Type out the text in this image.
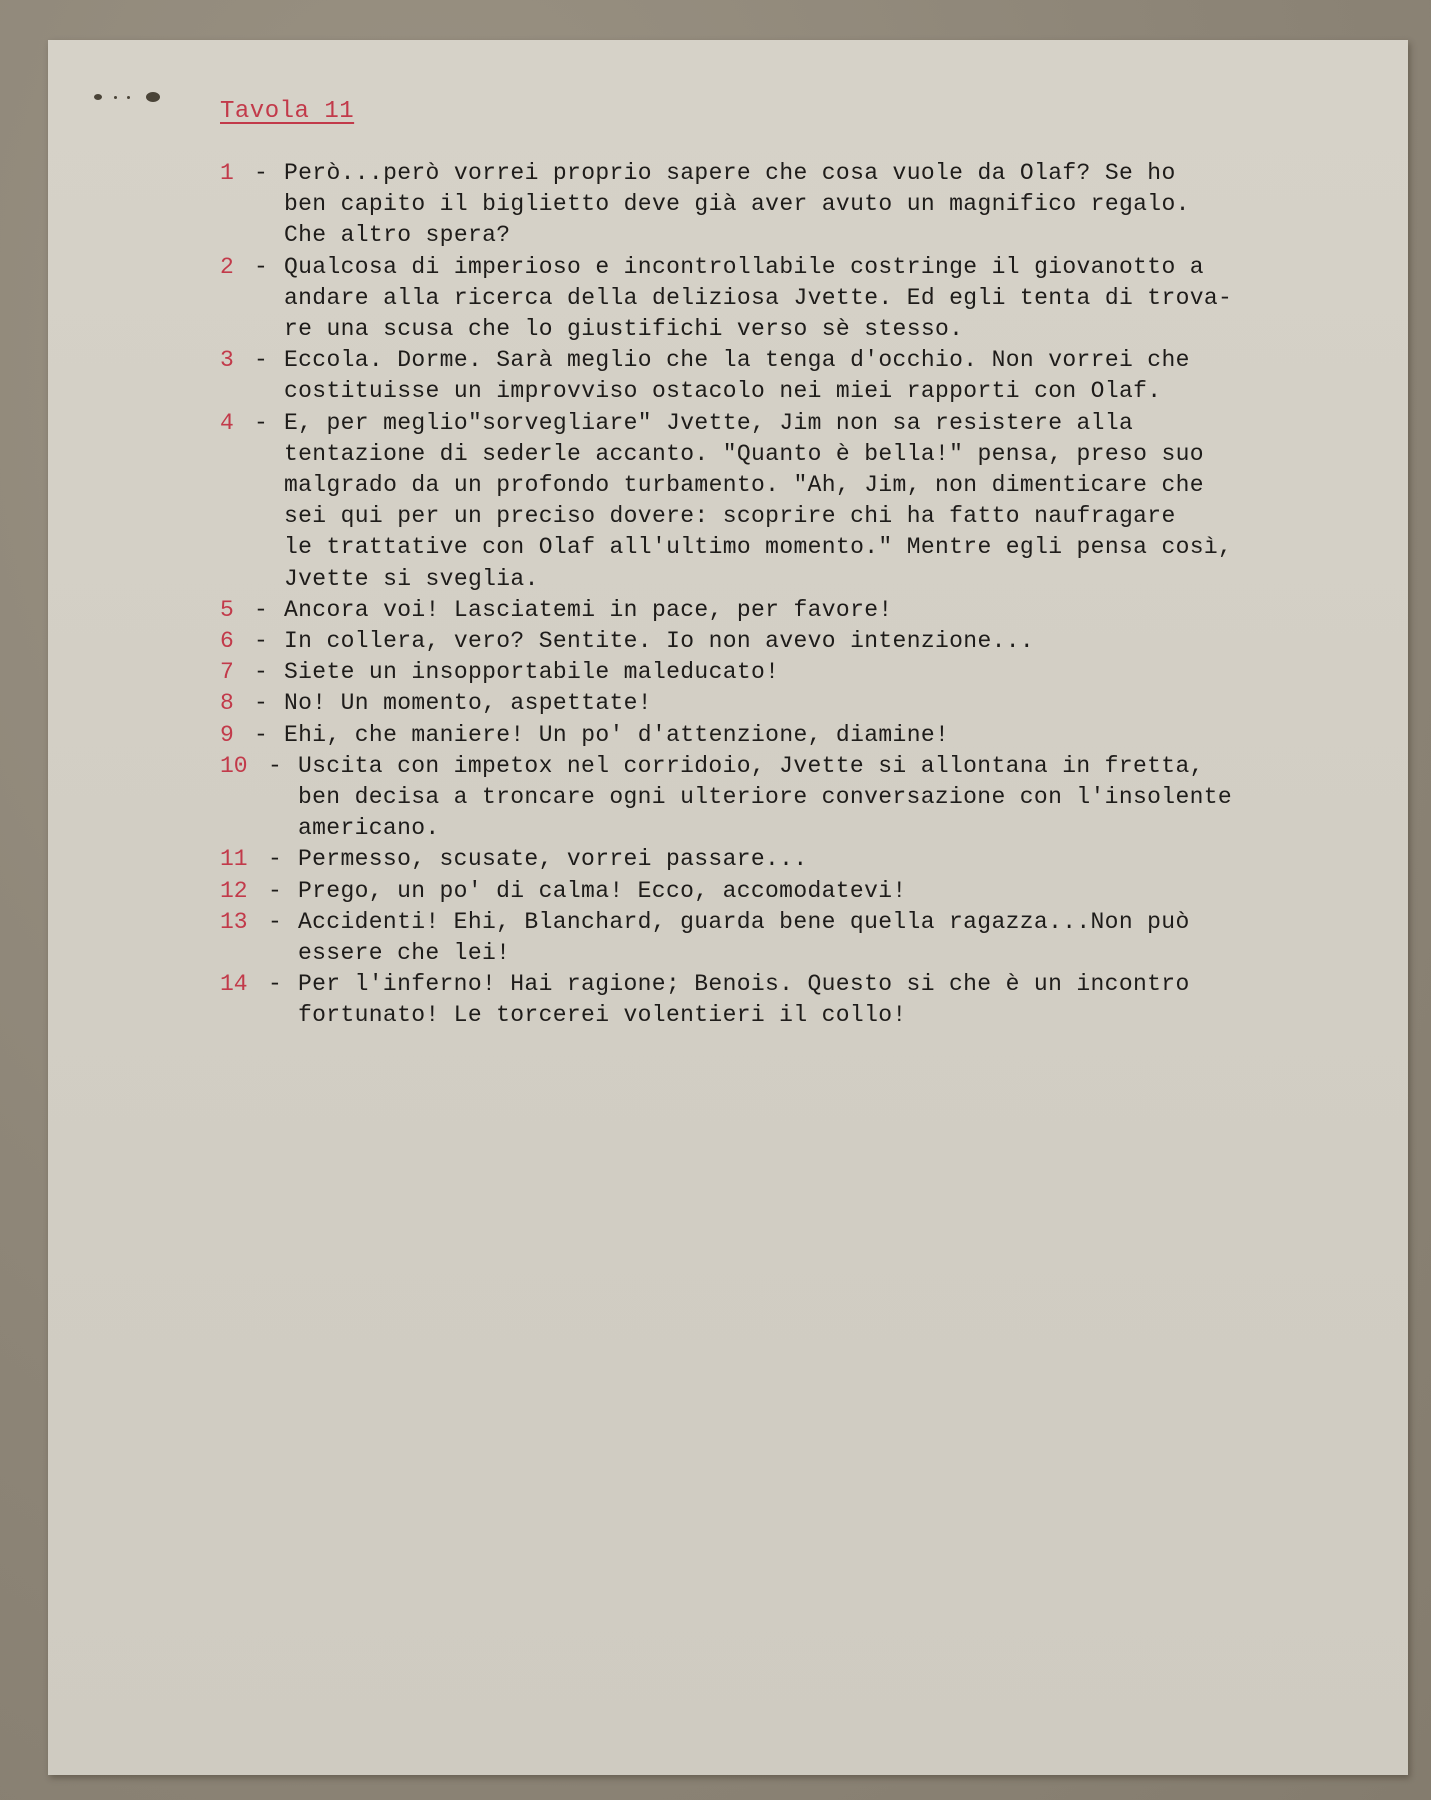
Tavola 11
1 - Però...però vorrei proprio sapere che cosa vuole da Olaf? Se ho
ben capito il biglietto deve già aver avuto un magnifico regalo.
Che altro spera?
2 - Qualcosa di imperioso e incontrollabile costringe il giovanotto a
andare alla ricerca della deliziosa Jvette. Ed egli tenta di trova-
re una scusa che lo giustifichi verso sè stesso.
3 - Eccola. Dorme. Sarà meglio che la tenga d'occhio. Non vorrei che
costituisse un improvviso ostacolo nei miei rapporti con Olaf.
4 - E, per meglio"sorvegliare" Jvette, Jim non sa resistere alla
tentazione di sederle accanto. "Quanto è bella!" pensa, preso suo
malgrado da un profondo turbamento. "Ah, Jim, non dimenticare che
sei qui per un preciso dovere: scoprire chi ha fatto naufragare
le trattative con Olaf all'ultimo momento." Mentre egli pensa così,
Jvette si sveglia.
5 - Ancora voi! Lasciatemi in pace, per favore!
6 - In collera, vero? Sentite. Io non avevo intenzione...
7 - Siete un insopportabile maleducato!
8 - No! Un momento, aspettate!
9 - Ehi, che maniere! Un po' d'attenzione, diamine!
10 - Uscita con impetox nel corridoio, Jvette si allontana in fretta,
ben decisa a troncare ogni ulteriore conversazione con l'insolente
americano.
11 - Permesso, scusate, vorrei passare...
12 - Prego, un po' di calma! Ecco, accomodatevi!
13 - Accidenti! Ehi, Blanchard, guarda bene quella ragazza...Non può
essere che lei!
14 - Per l'inferno! Hai ragione; Benois. Questo si che è un incontro
fortunato! Le torcerei volentieri il collo!
